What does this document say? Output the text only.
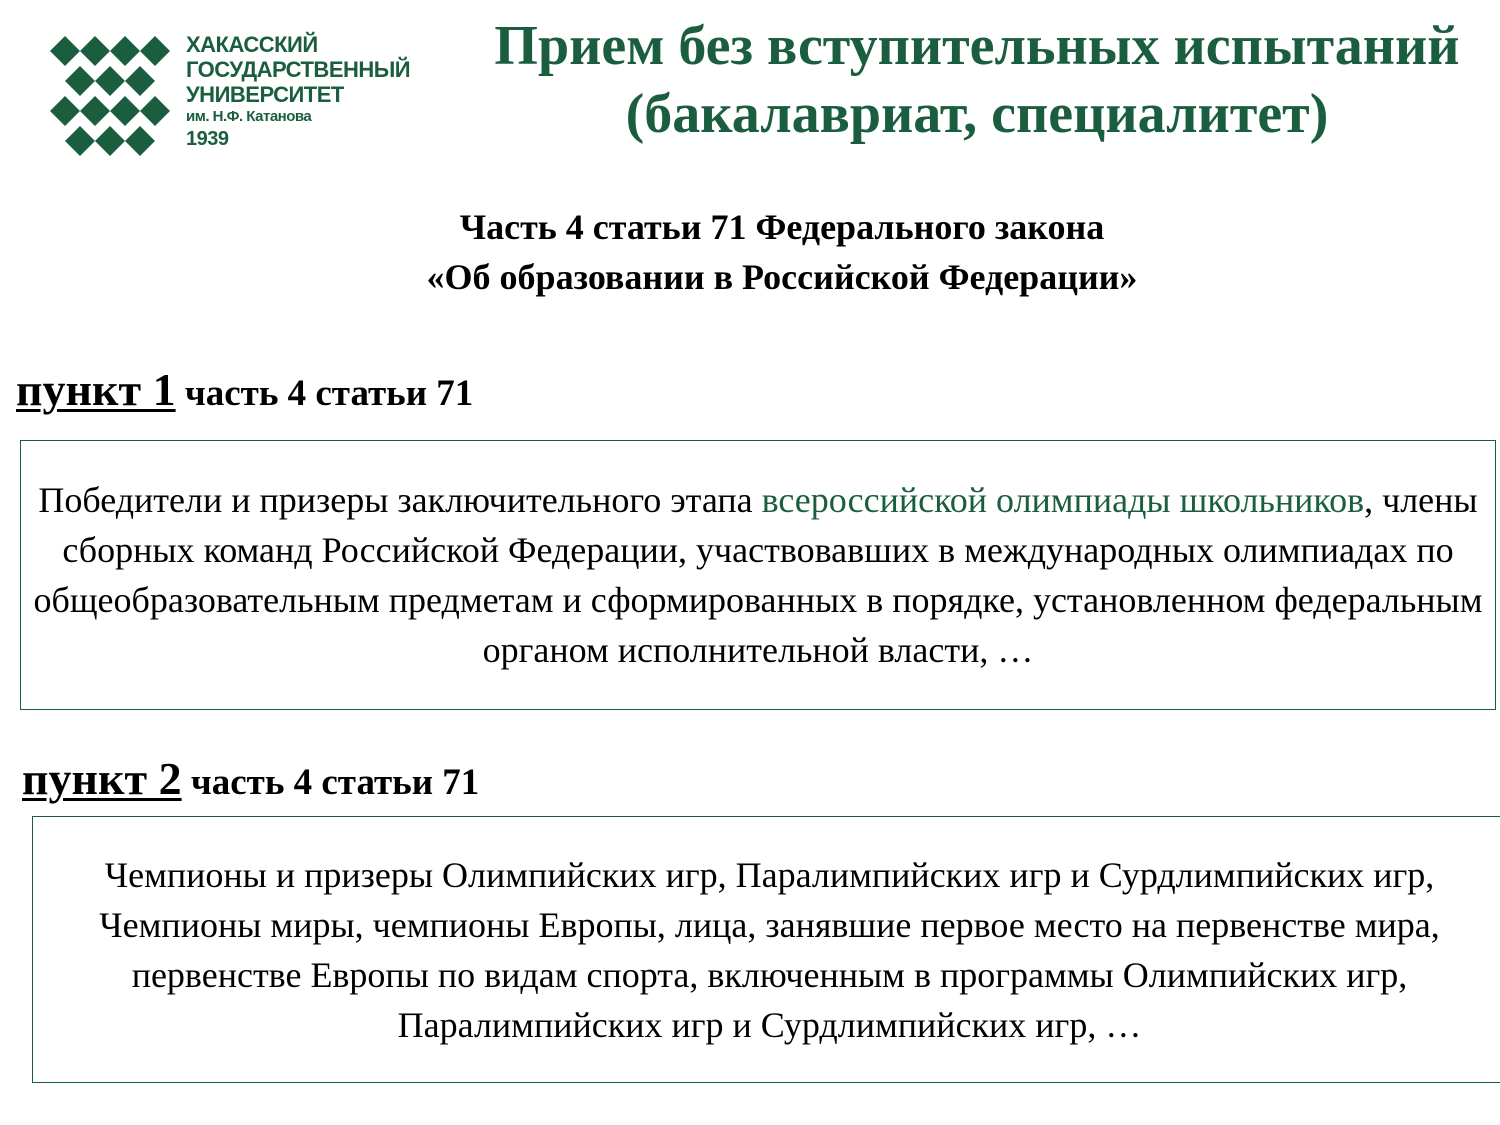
ХАКАССКИЙ
ГОСУДАРСТВЕННЫЙ
УНИВЕРСИТЕТ
им. Н.Ф. Катанова
1939
Прием без вступительных испытаний
(бакалавриат, специалитет)
Часть 4 статьи 71 Федерального закона
«Об образовании в Российской Федерации»
пункт 1 часть 4 статьи 71
Победители и призеры заключительного этапа всероссийской олимпиады школьников, члены сборных команд Российской Федерации, участвовавших в международных олимпиадах по общеобразовательным предметам и сформированных в порядке, установленном федеральным органом исполнительной власти, …
пункт 2 часть 4 статьи 71
Чемпионы и призеры Олимпийских игр, Паралимпийских игр и Сурдлимпийских игр, Чемпионы миры, чемпионы Европы, лица, занявшие первое место на первенстве мира, первенстве Европы по видам спорта, включенным в программы Олимпийских игр, Паралимпийских игр и Сурдлимпийских игр, …
